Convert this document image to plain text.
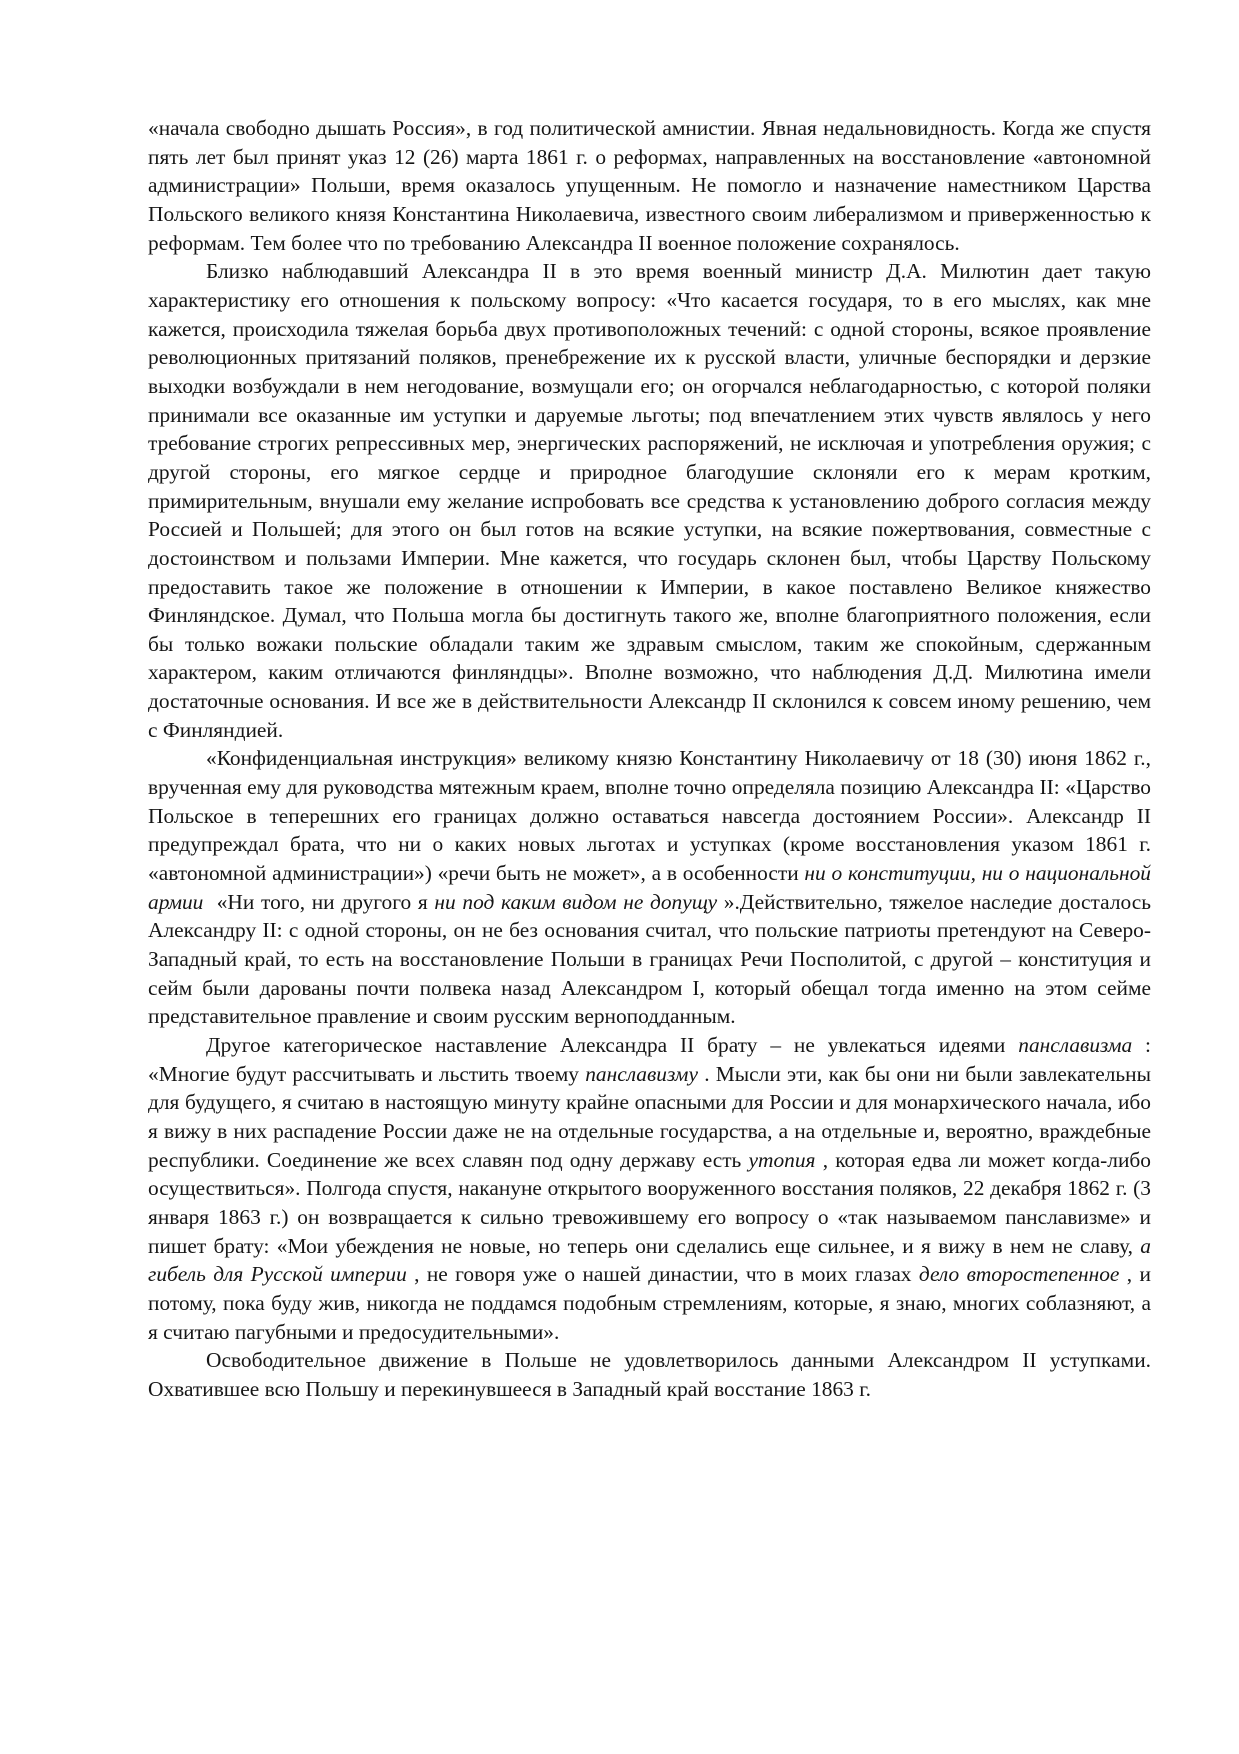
«начала свободно дышать Россия», в год политической амнистии. Явная недальновидность. Когда же спустя пять лет был принят указ 12 (26) марта 1861 г. о реформах, направленных на восстановление «автономной администрации» Польши, время оказалось упущенным. Не помогло и назначение наместником Царства Польского великого князя Константина Николаевича, известного своим либерализмом и приверженностью к реформам. Тем более что по требованию Александра II военное положение сохранялось.

Близко наблюдавший Александра II в это время военный министр Д.А. Милютин дает такую характеристику его отношения к польскому вопросу: «Что касается государя, то в его мыслях, как мне кажется, происходила тяжелая борьба двух противоположных течений: с одной стороны, всякое проявление революционных притязаний поляков, пренебрежение их к русской власти, уличные беспорядки и дерзкие выходки возбуждали в нем негодование, возмущали его; он огорчался неблагодарностью, с которой поляки принимали все оказанные им уступки и даруемые льготы; под впечатлением этих чувств являлось у него требование строгих репрессивных мер, энергических распоряжений, не исключая и употребления оружия; с другой стороны, его мягкое сердце и природное благодушие склоняли его к мерам кротким, примирительным, внушали ему желание испробовать все средства к установлению доброго согласия между Россией и Польшей; для этого он был готов на всякие уступки, на всякие пожертвования, совместные с достоинством и пользами Империи. Мне кажется, что государь склонен был, чтобы Царству Польскому предоставить такое же положение в отношении к Империи, в какое поставлено Великое княжество Финляндское. Думал, что Польша могла бы достигнуть такого же, вполне благоприятного положения, если бы только вожаки польские обладали таким же здравым смыслом, таким же спокойным, сдержанным характером, каким отличаются финляндцы». Вполне возможно, что наблюдения Д.Д. Милютина имели достаточные основания. И все же в действительности Александр II склонился к совсем иному решению, чем с Финляндией.

«Конфиденциальная инструкция» великому князю Константину Николаевичу от 18 (30) июня 1862 г., врученная ему для руководства мятежным краем, вполне точно определяла позицию Александра II: «Царство Польское в теперешних его границах должно оставаться навсегда достоянием России». Александр II предупреждал брата, что ни о каких новых льготах и уступках (кроме восстановления указом 1861 г. «автономной администрации») «речи быть не может», а в особенности ни о конституции, ни о национальной армии  «Ни того, ни другого я ни под каким видом не допущу ».Действительно, тяжелое наследие досталось Александру II: с одной стороны, он не без основания считал, что польские патриоты претендуют на Северо-Западный край, то есть на восстановление Польши в границах Речи Посполитой, с другой – конституция и сейм были дарованы почти полвека назад Александром I, который обещал тогда именно на этом сейме представительное правление и своим русским верноподданным.

Другое категорическое наставление Александра II брату – не увлекаться идеями панславизма : «Многие будут рассчитывать и льстить твоему панславизму . Мысли эти, как бы они ни были завлекательны для будущего, я считаю в настоящую минуту крайне опасными для России и для монархического начала, ибо я вижу в них распадение России даже не на отдельные государства, а на отдельные и, вероятно, враждебные республики. Соединение же всех славян под одну державу есть утопия , которая едва ли может когда-либо осуществиться». Полгода спустя, накануне открытого вооруженного восстания поляков, 22 декабря 1862 г. (3 января 1863 г.) он возвращается к сильно тревожившему его вопросу о «так называемом панславизме» и пишет брату: «Мои убеждения не новые, но теперь они сделались еще сильнее, и я вижу в нем не славу, а гибель для Русской империи , не говоря уже о нашей династии, что в моих глазах дело второстепенное , и потому, пока буду жив, никогда не поддамся подобным стремлениям, которые, я знаю, многих соблазняют, а я считаю пагубными и предосудительными».

Освободительное движение в Польше не удовлетворилось данными Александром II уступками. Охватившее всю Польшу и перекинувшееся в Западный край восстание 1863 г.
